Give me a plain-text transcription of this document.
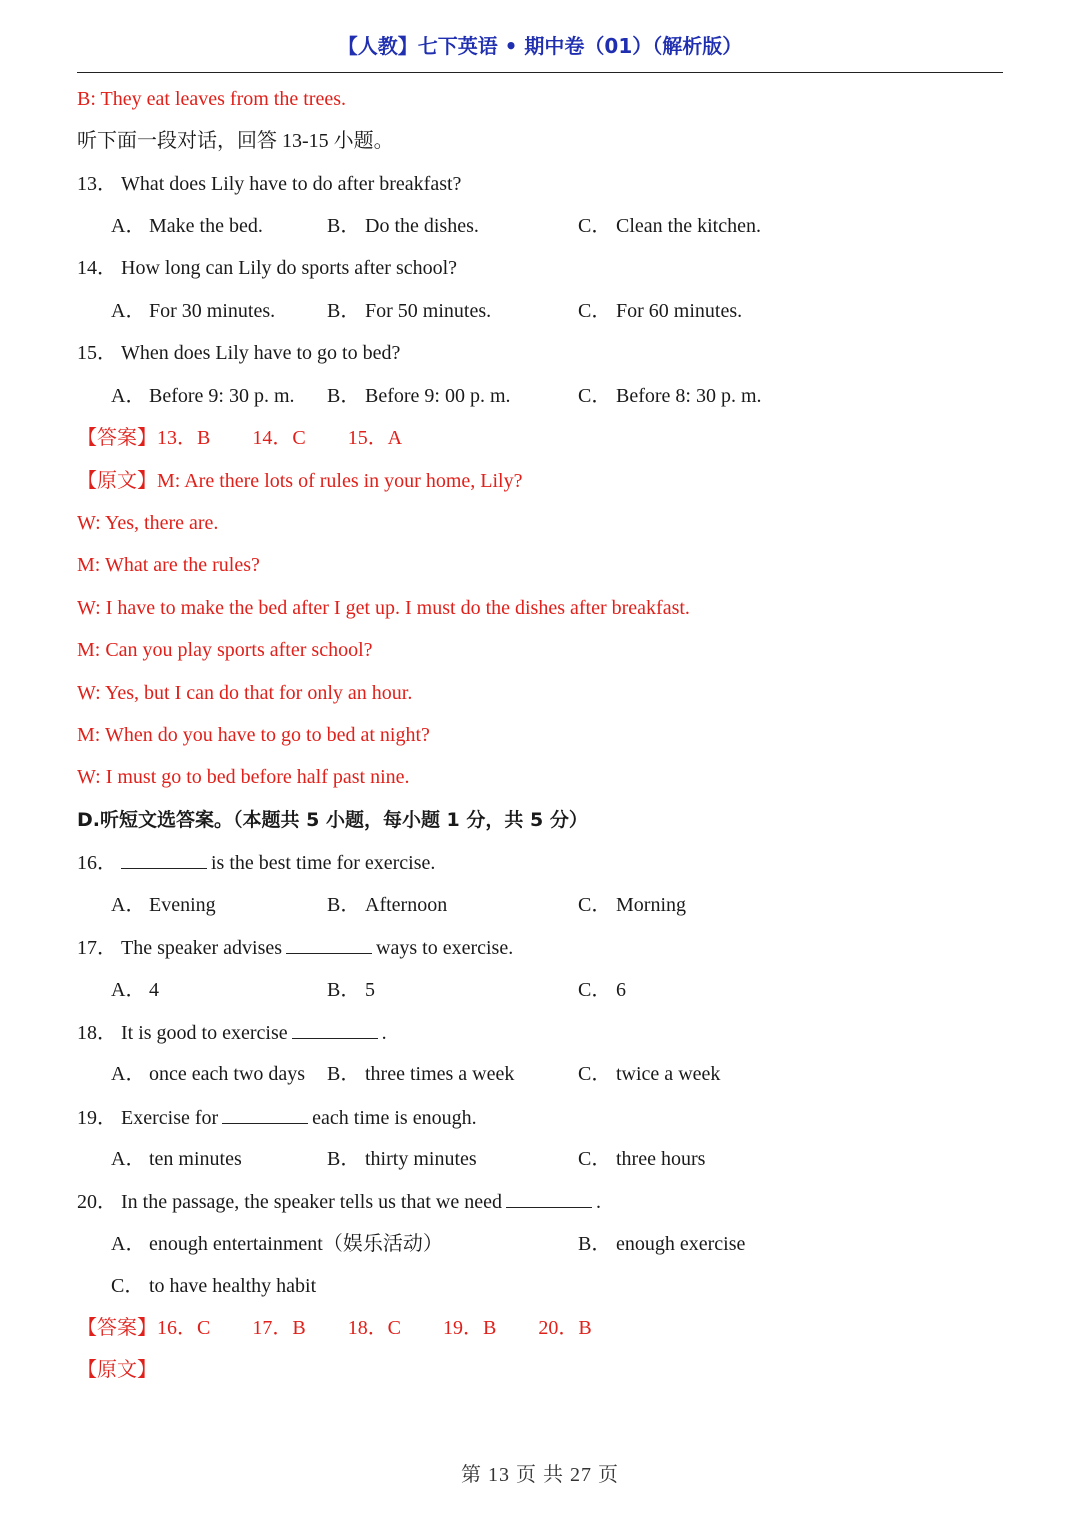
【人教】七下英语 • 期中卷（01）（解析版）
B: They eat leaves from the trees.
听下面一段对话，回答 13-15 小题。
13． What does Lily have to do after breakfast?
A． Make the bed.	B． Do the dishes.	C． Clean the kitchen.
14． How long can Lily do sports after school?
A． For 30 minutes.	B． For 50 minutes.	C． For 60 minutes.
15． When does Lily have to go to bed?
A． Before 9: 30 p. m. B． Before 9: 00 p. m.	C． Before 8: 30 p. m.
【答案】13．B 14．C 15．A
【原文】M: Are there lots of rules in your home, Lily?
W: Yes, there are.
M: What are the rules?
W: I have to make the bed after I get up. I must do the dishes after breakfast.
M: Can you play sports after school?
W: Yes, but I can do that for only an hour.
M: When do you have to go to bed at night?
W: I must go to bed before half past nine.
D.听短文选答案。（本题共 5 小题，每小题 1 分，共 5 分）
16．	is the best time for exercise.
A． Evening	B． Afternoon	C． Morning
17． The speaker advises	ways to exercise.
A． 4	B． 5	C． 6
18． It is good to exercise	.
A． once each two days B． three times a week	C． twice a week
19． Exercise for	each time is enough.
A． ten minutes	B． thirty minutes	C． three hours
20． In the passage, the speaker tells us that we need	.
A． enough entertainment（娱乐活动）	B． enough exercise
C． to have healthy habit
【答案】16．C 17．B 18．C 19．B 20．B
【原文】
第 13 页 共 27 页
